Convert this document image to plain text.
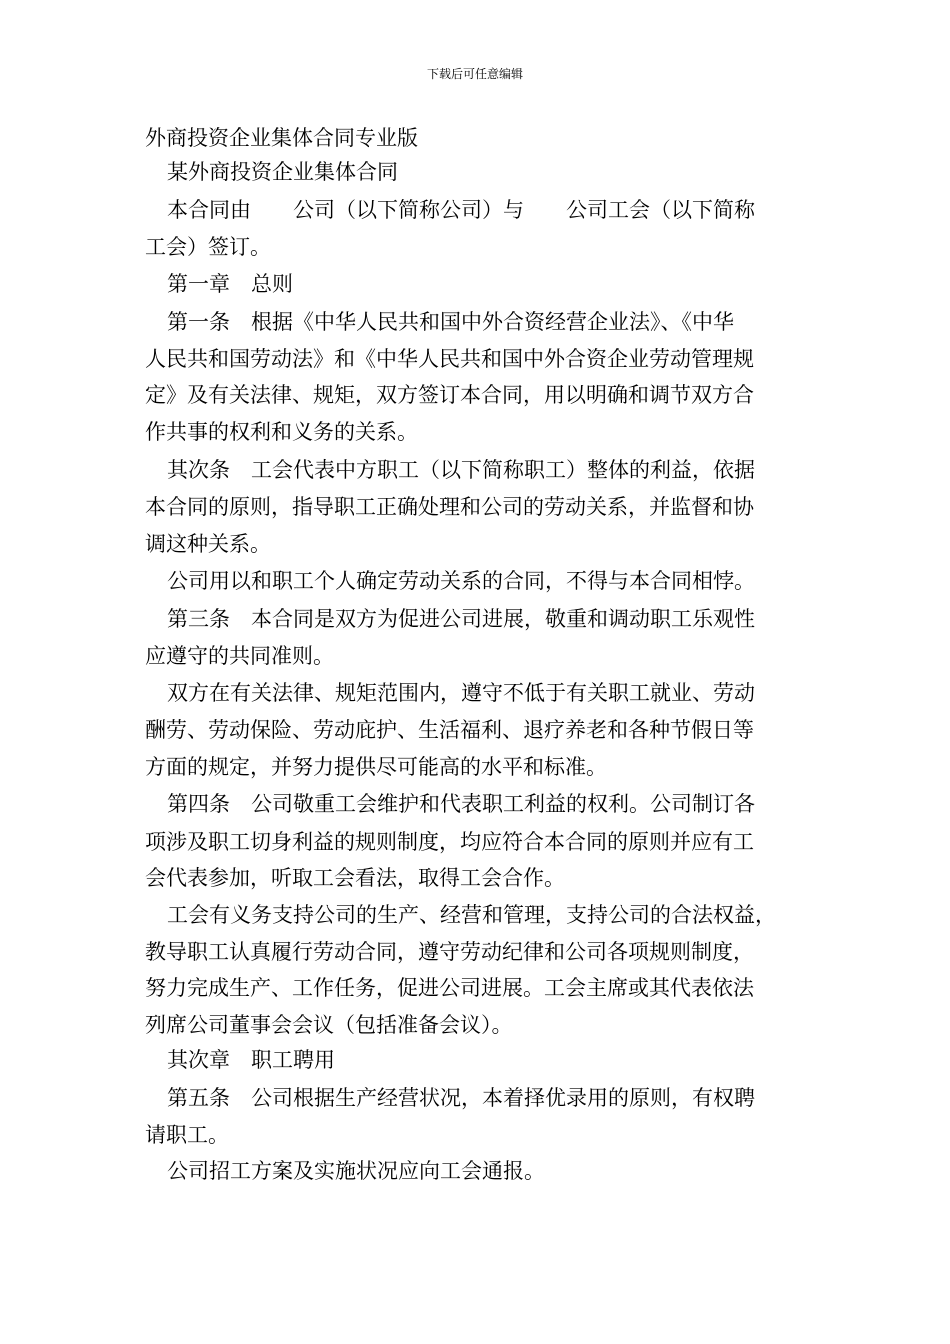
下载后可任意编辑
外商投资企业集体合同专业版
某外商投资企业集体合同
本合同由　　公司（以下简称公司）与　　公司工会（以下简称
工会）签订。
第一章　总则
第一条　根据《中华人民共和国中外合资经营企业法》、《中华
人民共和国劳动法》和《中华人民共和国中外合资企业劳动管理规
定》及有关法律、规矩，双方签订本合同，用以明确和调节双方合
作共事的权利和义务的关系。
其次条　工会代表中方职工（以下简称职工）整体的利益，依据
本合同的原则，指导职工正确处理和公司的劳动关系，并监督和协
调这种关系。
公司用以和职工个人确定劳动关系的合同，不得与本合同相悖。
第三条　本合同是双方为促进公司进展，敬重和调动职工乐观性
应遵守的共同准则。
双方在有关法律、规矩范围内，遵守不低于有关职工就业、劳动
酬劳、劳动保险、劳动庇护、生活福利、退疗养老和各种节假日等
方面的规定，并努力提供尽可能高的水平和标准。
第四条　公司敬重工会维护和代表职工利益的权利。公司制订各
项涉及职工切身利益的规则制度，均应符合本合同的原则并应有工
会代表参加，听取工会看法，取得工会合作。
工会有义务支持公司的生产、经营和管理，支持公司的合法权益，
教导职工认真履行劳动合同，遵守劳动纪律和公司各项规则制度，
努力完成生产、工作任务，促进公司进展。工会主席或其代表依法
列席公司董事会会议（包括准备会议）。
其次章　职工聘用
第五条　公司根据生产经营状况，本着择优录用的原则，有权聘
请职工。
公司招工方案及实施状况应向工会通报。
